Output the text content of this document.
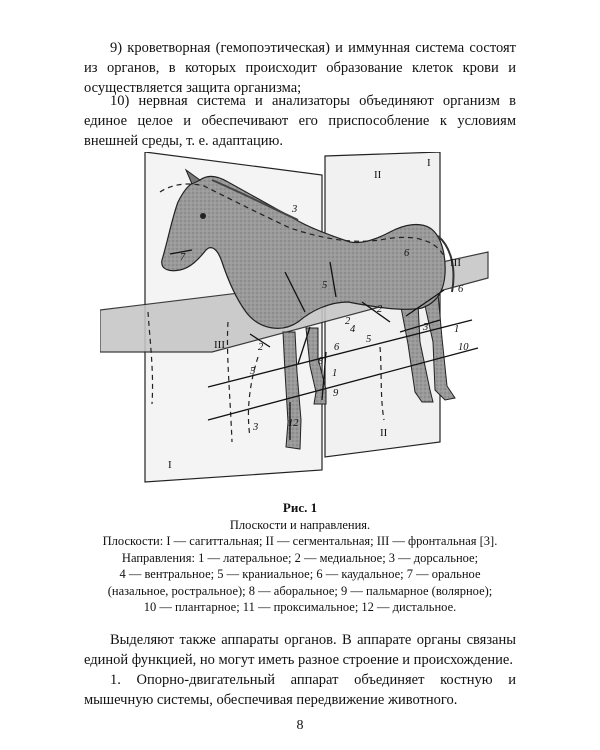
9) кроветворная (гемопоэтическая) и иммунная система состоят из органов, в которых происходит образование клеток крови и осуществляется защита организма;

10) нервная система и анализаторы объединяют организм в единое целое и обеспечивают его приспособление к условиям внешней среды, т. е. адаптацию.

I
I
II
II
III
III
1
1
2
2
2
3
3
3
4
5
5
5
6
6
6
7
8
9
10
12
Рис. 1
Плоскости и направления.
Плоскости: I — сагиттальная; II — сегментальная; III — фронтальная [3].
Направления: 1 — латеральное; 2 — медиальное; 3 — дорсальное;
4 — вентральное; 5 — краниальное; 6 — каудальное; 7 — оральное
(назальное, ростральное); 8 — аборальное; 9 — пальмарное (волярное);
10 — плантарное; 11 — проксимальное; 12 — дистальное.

Выделяют также аппараты органов. В аппарате органы связаны единой функцией, но могут иметь разное строение и происхождение.

1. Опорно-двигательный аппарат объединяет костную и мышечную системы, обеспечивая передвижение животного.

8
